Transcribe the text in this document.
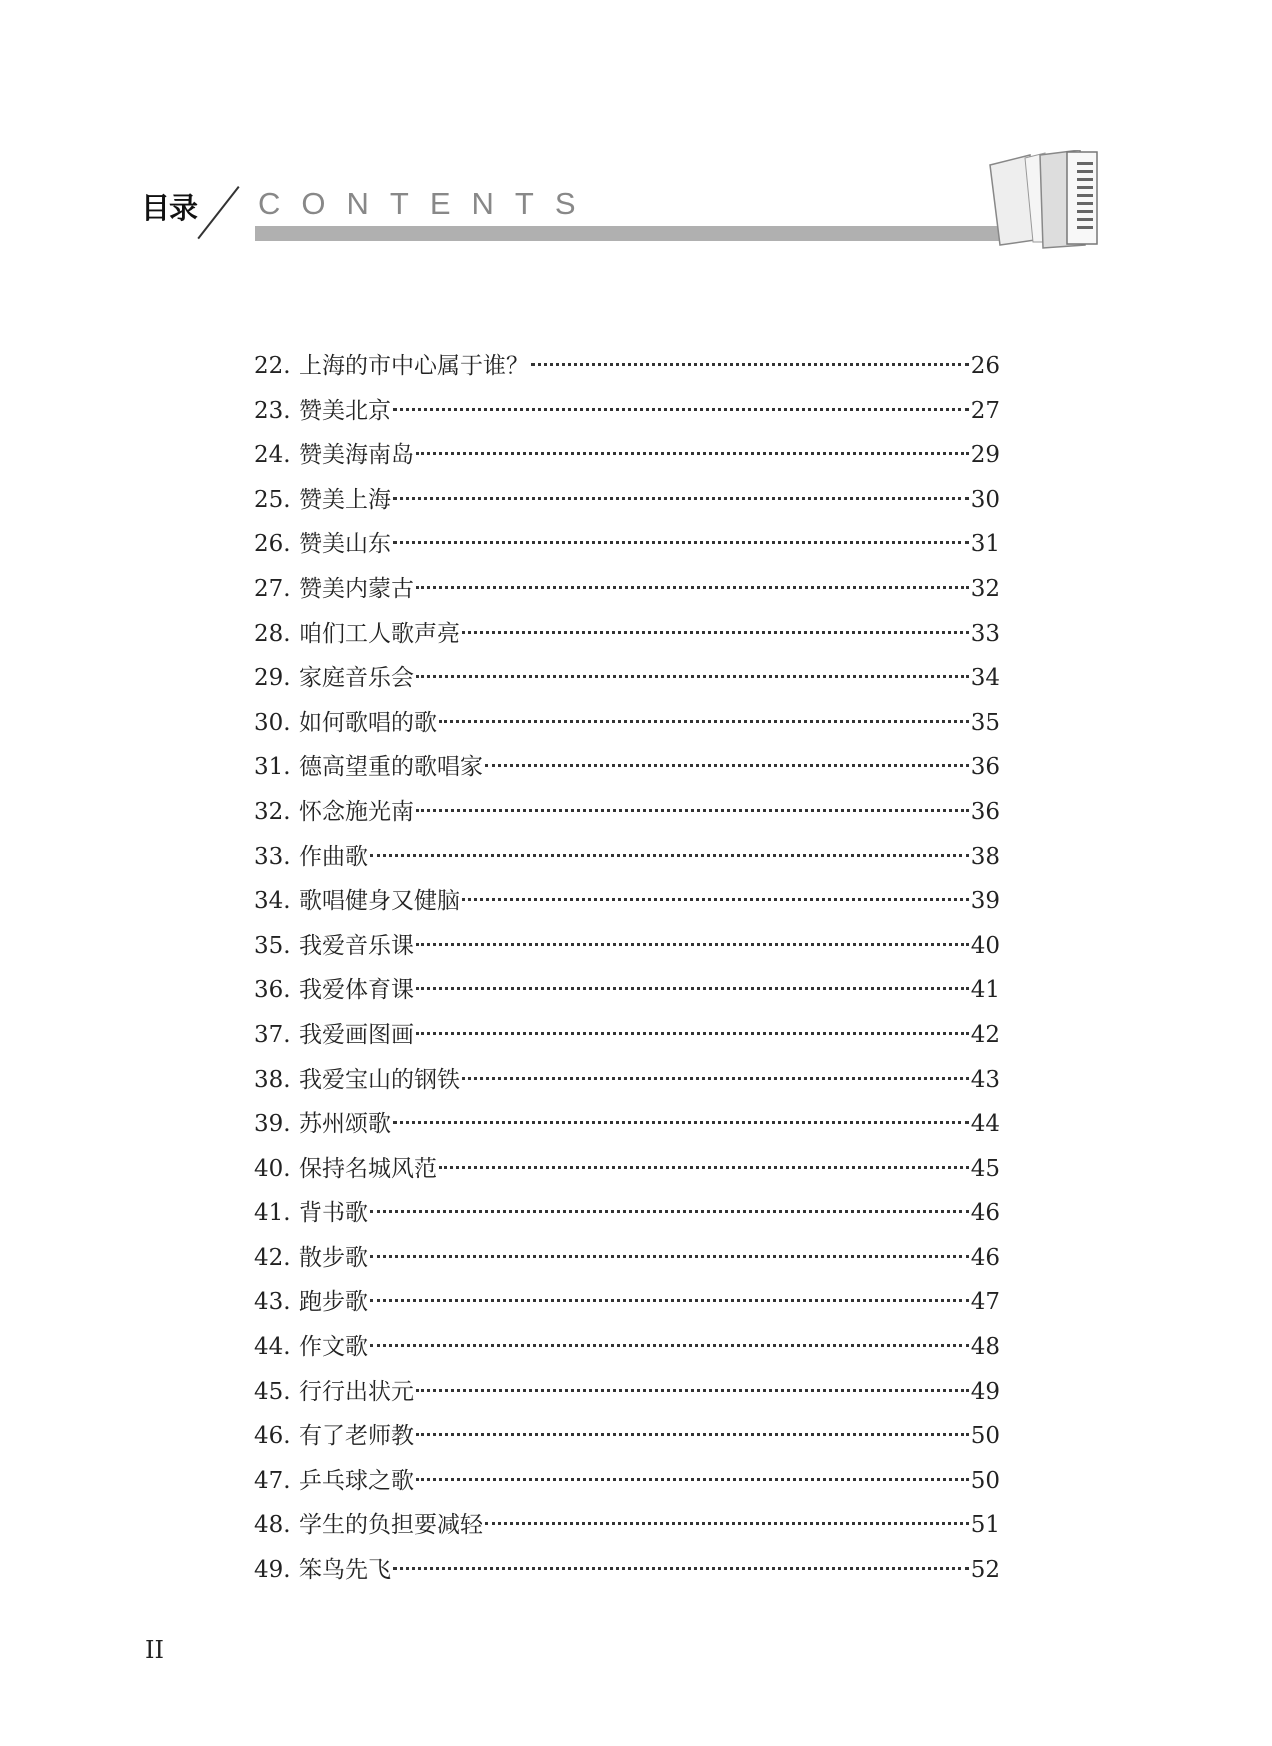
目录 CONTENTS
22. 上海的市中心属于谁？	26
23. 赞美北京	27
24. 赞美海南岛	29
25. 赞美上海	30
26. 赞美山东	31
27. 赞美内蒙古	32
28. 咱们工人歌声亮	33
29. 家庭音乐会	34
30. 如何歌唱的歌	35
31. 德高望重的歌唱家	36
32. 怀念施光南	36
33. 作曲歌	38
34. 歌唱健身又健脑	39
35. 我爱音乐课	40
36. 我爱体育课	41
37. 我爱画图画	42
38. 我爱宝山的钢铁	43
39. 苏州颂歌	44
40. 保持名城风范	45
41. 背书歌	46
42. 散步歌	46
43. 跑步歌	47
44. 作文歌	48
45. 行行出状元	49
46. 有了老师教	50
47. 乒乓球之歌	50
48. 学生的负担要减轻	51
49. 笨鸟先飞	52
II
